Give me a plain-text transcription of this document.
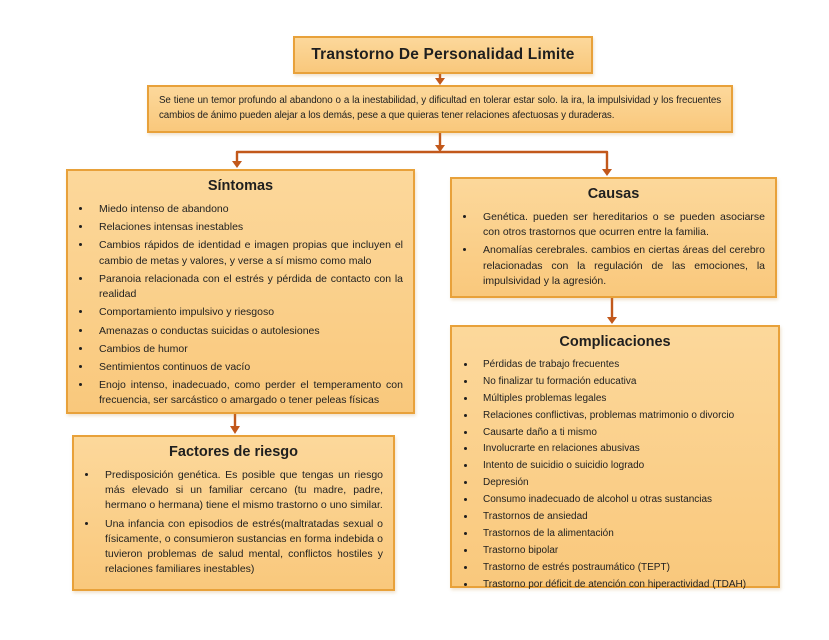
Transtorno De Personalidad Limite

Se tiene un temor profundo al abandono o a la inestabilidad, y dificultad en tolerar estar solo. la ira, la impulsividad y los frecuentes cambios de ánimo pueden alejar a los demás, pese a que quieras tener relaciones afectuosas y duraderas.

Síntomas
• Miedo intenso de abandono
• Relaciones intensas inestables
• Cambios rápidos de identidad e imagen propias que incluyen el cambio de metas y valores, y verse a sí mismo como malo
• Paranoia relacionada con el estrés y pérdida de contacto con la realidad
• Comportamiento impulsivo y riesgoso
• Amenazas o conductas suicidas o autolesiones
• Cambios de humor
• Sentimientos continuos de vacío
• Enojo intenso, inadecuado, como perder el temperamento con frecuencia, ser sarcástico o amargado o tener peleas físicas
Causas
• Genética. pueden ser hereditarios o se pueden asociarse con otros trastornos que ocurren entre la familia.
• Anomalías cerebrales. cambios en ciertas áreas del cerebro relacionadas con la regulación de las emociones, la impulsividad y la agresión.
Complicaciones
• Pérdidas de trabajo frecuentes
• No finalizar tu formación educativa
• Múltiples problemas legales
• Relaciones conflictivas, problemas matrimonio o divorcio
• Causarte daño a ti mismo
• Involucrarte en relaciones abusivas
• Intento de suicidio o suicidio logrado
• Depresión
• Consumo inadecuado de alcohol u otras sustancias
• Trastornos de ansiedad
• Trastornos de la alimentación
• Trastorno bipolar
• Trastorno de estrés postraumático (TEPT)
• Trastorno por déficit de atención con hiperactividad (TDAH)
Factores de riesgo
• Predisposición genética. Es posible que tengas un riesgo más elevado si un familiar cercano (tu madre, padre, hermano o hermana) tiene el mismo trastorno o uno similar.
• Una infancia con episodios de estrés(maltratadas sexual o físicamente, o consumieron sustancias en forma indebida o tuvieron problemas de salud mental, conflictos hostiles y relaciones familiares inestables)
